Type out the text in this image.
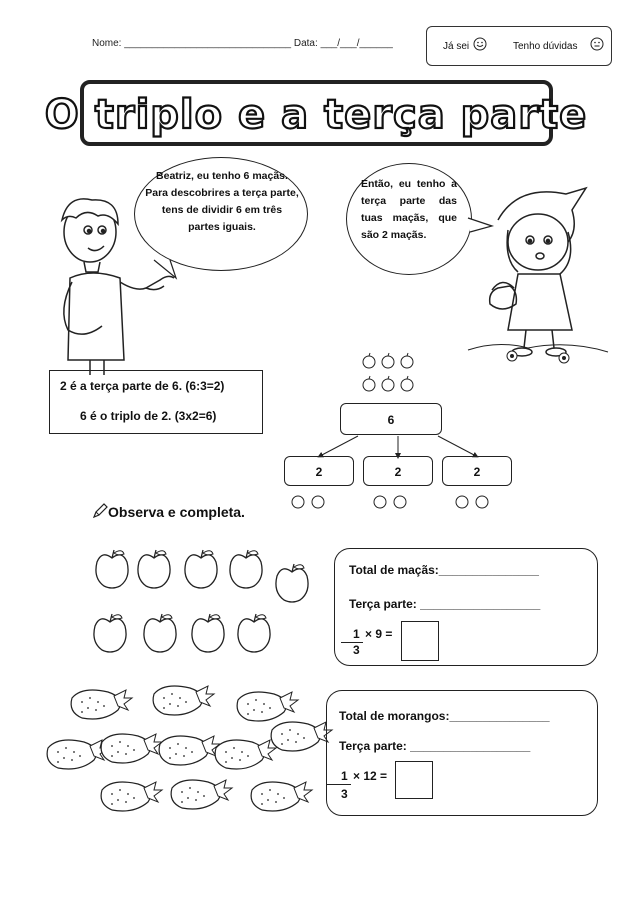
Nome: ______________________________ Data: ___/___/______	Já sei	Tenho dúvidas
O triplo e a terça parte
Beatriz, eu tenho 6 maçãs. Para descobrires a terça parte, tens de dividir 6 em três partes iguais.
Então, eu tenho a terça parte das tuas maçãs, que são 2 maçãs.
2 é a terça parte de 6. (6:3=2)
6 é o triplo de 2. (3x2=6)	6
2	2	2
Observa e completa.
Total de maçãs:_______________
Terça parte: __________________
1 × 9 =
3
Total de morangos:_______________
Terça parte: __________________
1 × 12 =
3
